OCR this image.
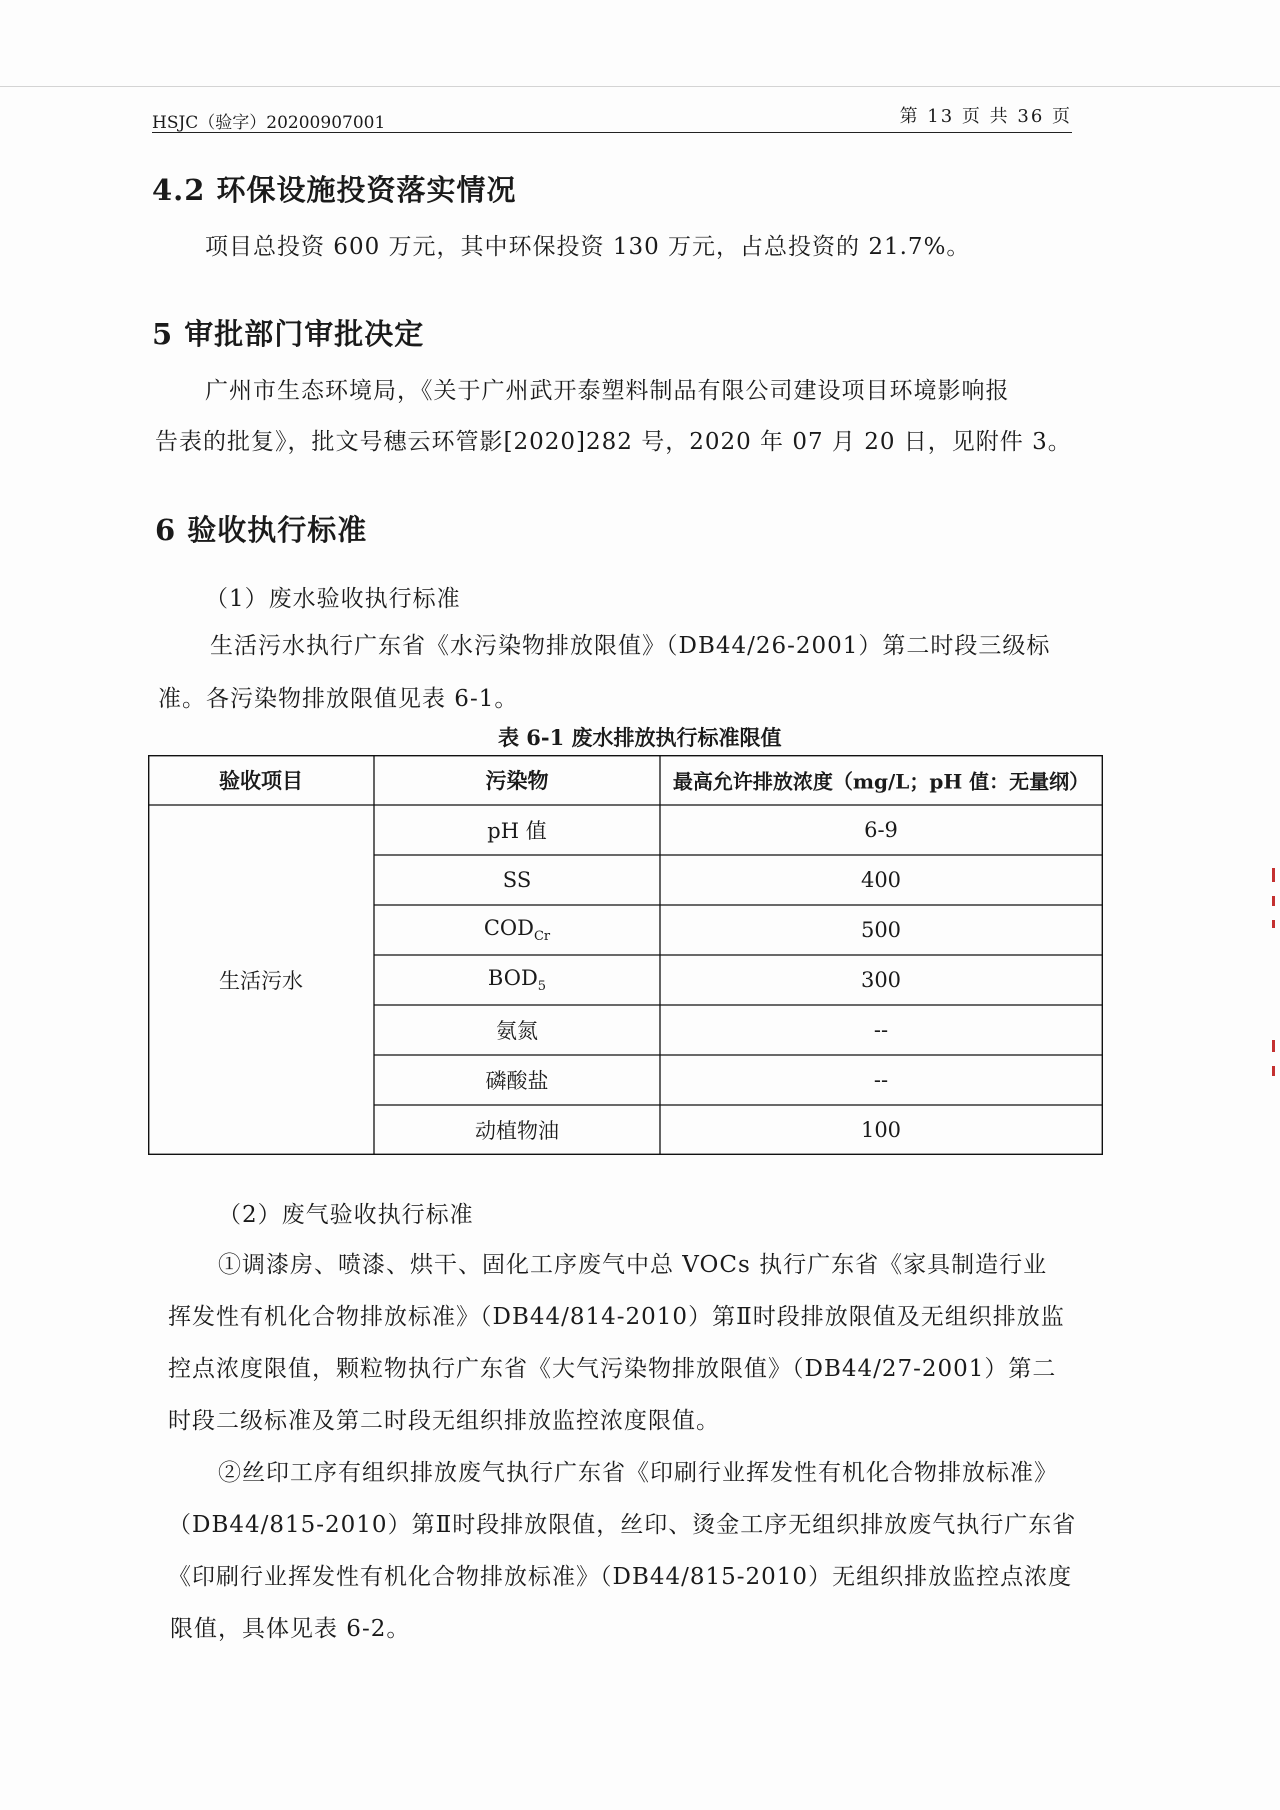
HSJC（验字）20200907001	第 13 页 共 36 页
4.2 环保设施投资落实情况
项目总投资 600 万元，其中环保投资 130 万元，占总投资的 21.7%。
5 审批部门审批决定
广州市生态环境局，《关于广州武开泰塑料制品有限公司建设项目环境影响报
告表的批复》，批文号穗云环管影[2020]282 号，2020 年 07 月 20 日，见附件 3。
6 验收执行标准
（1）废水验收执行标准
生活污水执行广东省《水污染物排放限值》（DB44/26-2001）第二时段三级标
准。各污染物排放限值见表 6-1。
表 6-1 废水排放执行标准限值
验收项目	污染物	最高允许排放浓度（mg/L；pH 值：无量纲）
生活污水
pH 值	6-9
SS	400
$COD_{Cr}$	500
$BOD_5$	300
氨氮	--
磷酸盐	--
动植物油	100
（2）废气验收执行标准
①调漆房、喷漆、烘干、固化工序废气中总 VOCs 执行广东省《家具制造行业
挥发性有机化合物排放标准》（DB44/814-2010）第Ⅱ时段排放限值及无组织排放监
控点浓度限值，颗粒物执行广东省《大气污染物排放限值》（DB44/27-2001）第二
时段二级标准及第二时段无组织排放监控浓度限值。
②丝印工序有组织排放废气执行广东省《印刷行业挥发性有机化合物排放标准》
（DB44/815-2010）第Ⅱ时段排放限值，丝印、烫金工序无组织排放废气执行广东省
《印刷行业挥发性有机化合物排放标准》（DB44/815-2010）无组织排放监控点浓度
限值，具体见表 6-2。
